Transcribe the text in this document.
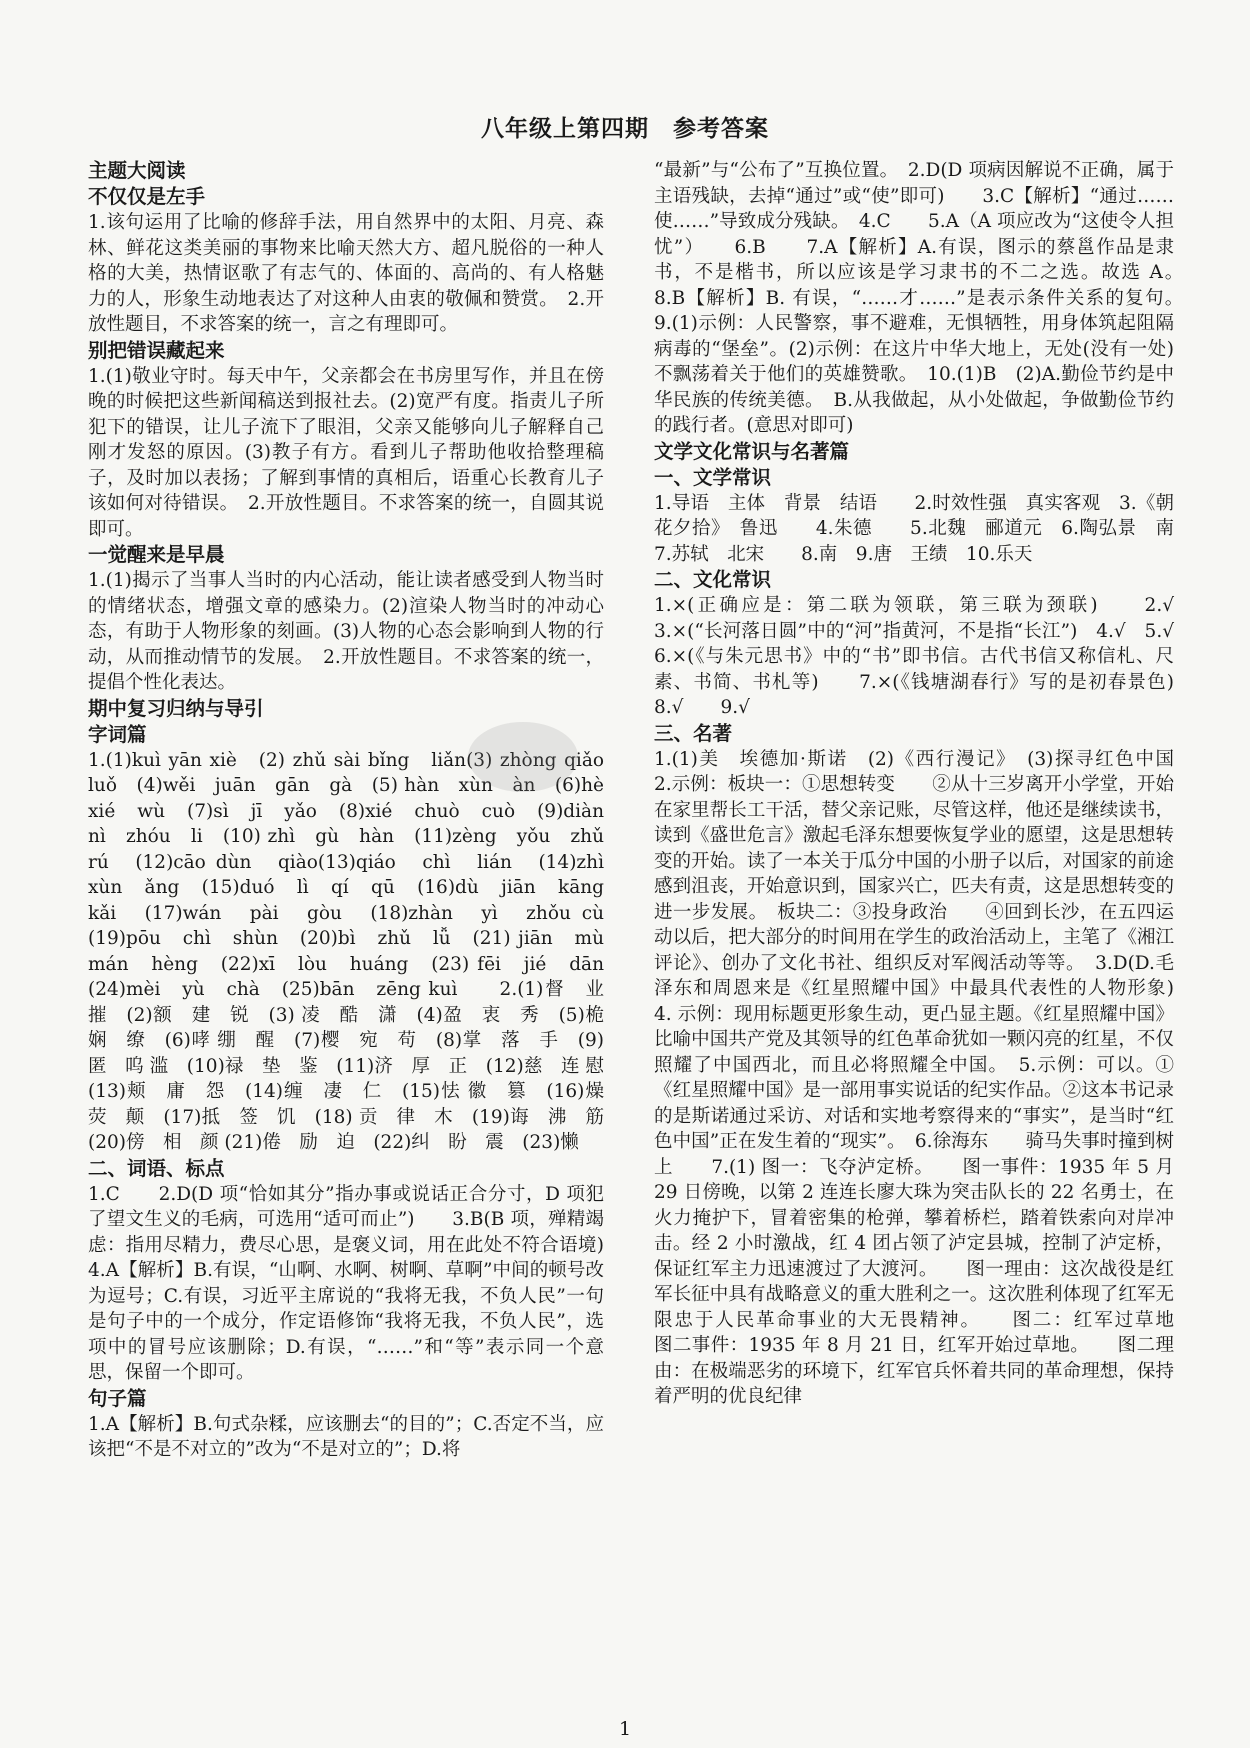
八年级上第四期　参考答案
主题大阅读
不仅仅是左手
1.该句运用了比喻的修辞手法，用自然界中的太阳、月亮、森林、鲜花这类美丽的事物来比喻天然大方、超凡脱俗的一种人格的大美，热情讴歌了有志气的、体面的、高尚的、有人格魅力的人，形象生动地表达了对这种人由衷的敬佩和赞赏。　2.开放性题目，不求答案的统一，言之有理即可。
别把错误藏起来
1.(1)敬业守时。每天中午，父亲都会在书房里写作，并且在傍晚的时候把这些新闻稿送到报社去。(2)宽严有度。指责儿子所犯下的错误，让儿子流下了眼泪，父亲又能够向儿子解释自己刚才发怒的原因。(3)教子有方。看到儿子帮助他收拾整理稿子，及时加以表扬；了解到事情的真相后，语重心长教育儿子该如何对待错误。　2.开放性题目。不求答案的统一，自圆其说即可。
一觉醒来是早晨
1.(1)揭示了当事人当时的内心活动，能让读者感受到人物当时的情绪状态，增强文章的感染力。(2)渲染人物当时的冲动心态，有助于人物形象的刻画。(3)人物的心态会影响到人物的行动，从而推动情节的发展。　2.开放性题目。不求答案的统一，提倡个性化表达。
期中复习归纳与导引
字词篇
1.(1)kuì yān xiè　(2) zhǔ sài bǐng　liǎn(3) zhòng qiǎo luǒ　(4)wěi　juān　gān　gà　(5) hàn　xùn　àn　(6)hè　xié　wù　(7)sì　jī　yǎo　(8)xié　chuò　cuò　(9)diàn　nì　zhóu　li　(10) zhì　gù　hàn　(11)zèng　yǒu　zhǔ　rú　(12)cāo dùn　qiào(13)qiáo　chì　lián　(14)zhì　xùn　ǎng　(15)duó　lì　qí　qū　(16)dù　jiān　kāng　kǎi　(17)wán　pài　gòu　(18)zhàn　yì　zhǒu cù　(19)pōu　chì　shùn　(20)bì　zhǔ　lǚ　(21) jiān　mù　mán　hèng　(22)xī　lòu　huáng　(23) fēi　jié　dān　(24)mèi　yù　chà　(25)bān　zēng kuì　　2.(1)督　业　摧　(2)额　建　锐　(3) 凌　酷　潇　(4)盈　衷　秀　(5)桅　娴　缭　(6)哮 绷　醒　(7)樱　宛　苟　(8)掌　落　手　(9)匿　呜 滥　(10)禄　垫　鉴　(11)济　厚　正　(12)慈　连 慰　(13)颊　庸　怨　(14)缠　凄　仁　(15)怯 徽　篡　(16)燥　荧　颠　(17)抵　签　饥　(18) 贡　律　木　(19)诲　沸　筋　(20)傍　相　颜 (21)倦　励　迫　(22)纠　盼　震　(23)懒
二、词语、标点
1.C　　2.D(D 项“恰如其分”指办事或说话正合分寸，D 项犯了望文生义的毛病，可选用“适可而止”)　　3.B(B 项，殚精竭虑：指用尽精力，费尽心思，是褒义词，用在此处不符合语境)　　4.A【解析】B.有误，“山啊、水啊、树啊、草啊”中间的顿号改为逗号；C.有误，习近平主席说的“我将无我，不负人民”一句是句子中的一个成分，作定语修饰“我将无我，不负人民”，选项中的冒号应该删除；D.有误，“……”和“等”表示同一个意思，保留一个即可。
句子篇
1.A【解析】B.句式杂糅，应该删去“的目的”；C.否定不当，应该把“不是不对立的”改为“不是对立的”；D.将
“最新”与“公布了”互换位置。　2.D(D 项病因解说不正确，属于主语残缺，去掉“通过”或“使”即可)　　3.C【解析】“通过……使……”导致成分残缺。　4.C　　5.A（A 项应改为“这使令人担忧”）　　6.B　　7.A【解析】A.有误，图示的蔡邕作品是隶书，不是楷书，所以应该是学习隶书的不二之选。故选 A。　8.B【解析】B. 有误，“……才……”是表示条件关系的复句。　9.(1)示例：人民警察，事不避难，无惧牺牲，用身体筑起阻隔病毒的“堡垒”。(2)示例：在这片中华大地上，无处(没有一处)不飘荡着关于他们的英雄赞歌。　10.(1)B　(2)A.勤俭节约是中华民族的传统美德。　B.从我做起，从小处做起，争做勤俭节约的践行者。(意思对即可)
文学文化常识与名著篇
一、文学常识
1.导语　主体　背景　结语　　2.时效性强　真实客观　3.《朝花夕拾》　鲁迅　　4.朱德　　5.北魏　郦道元　6.陶弘景　南　7.苏轼　北宋　　8.南　9.唐　王绩　10.乐天
二、文化常识
1.×(正确应是：第二联为领联，第三联为颈联)　　2.√　3.×(“长河落日圆”中的“河”指黄河，不是指“长江”)　4.√　5.√　6.×(《与朱元思书》中的“书”即书信。古代书信又称信札、尺素、书简、书札等)　　7.×(《钱塘湖春行》写的是初春景色)　　8.√　　9.√
三、名著
1.(1)美　埃德加·斯诺　(2)《西行漫记》　(3)探寻红色中国　　2.示例：板块一：①思想转变　　②从十三岁离开小学堂，开始在家里帮长工干活，替父亲记账，尽管这样，他还是继续读书，读到《盛世危言》激起毛泽东想要恢复学业的愿望，这是思想转变的开始。读了一本关于瓜分中国的小册子以后，对国家的前途感到沮丧，开始意识到，国家兴亡，匹夫有责，这是思想转变的进一步发展。　板块二：③投身政治　　④回到长沙，在五四运动以后，把大部分的时间用在学生的政治活动上，主笔了《湘江评论》、创办了文化书社、组织反对军阀活动等等。　3.D(D.毛泽东和周恩来是《红星照耀中国》中最具代表性的人物形象)　　4. 示例：现用标题更形象生动，更凸显主题。《红星照耀中国》比喻中国共产党及其领导的红色革命犹如一颗闪亮的红星，不仅照耀了中国西北，而且必将照耀全中国。　5.示例：可以。①《红星照耀中国》是一部用事实说话的纪实作品。②这本书记录的是斯诺通过采访、对话和实地考察得来的“事实”，是当时“红色中国”正在发生着的“现实”。　6.徐海东　　骑马失事时撞到树上　　7.(1) 图一：飞夺泸定桥。　　图一事件：1935 年 5 月 29 日傍晚，以第 2 连连长廖大珠为突击队长的 22 名勇士，在火力掩护下，冒着密集的枪弹，攀着桥栏，踏着铁索向对岸冲击。经 2 小时激战，红 4 团占领了泸定县城，控制了泸定桥，保证红军主力迅速渡过了大渡河。　　图一理由：这次战役是红军长征中具有战略意义的重大胜利之一。这次胜利体现了红军无限忠于人民革命事业的大无畏精神。　　图二：红军过草地　　图二事件：1935 年 8 月 21 日，红军开始过草地。　　图二理由：在极端恶劣的环境下，红军官兵怀着共同的革命理想，保持着严明的优良纪律
1
